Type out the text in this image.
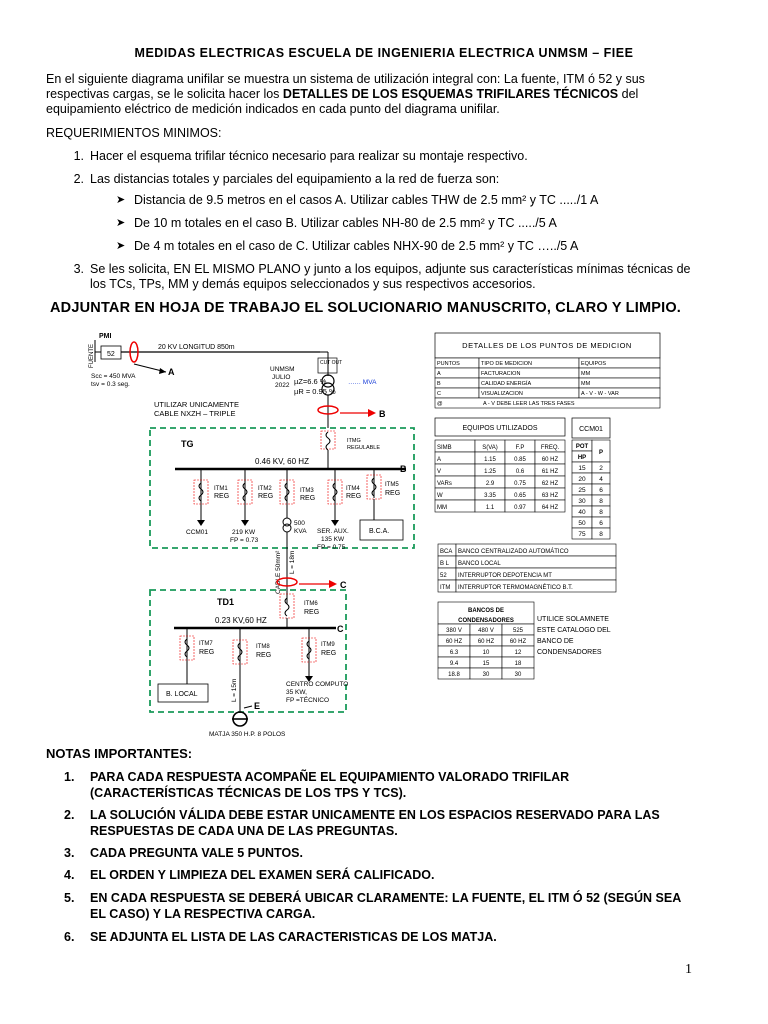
MEDIDAS ELECTRICAS ESCUELA DE INGENIERIA ELECTRICA UNMSM – FIEE
En el siguiente diagrama unifilar se muestra un sistema de utilización integral con: La fuente, ITM ó 52 y sus
respectivas cargas, se le solicita hacer los DETALLES DE LOS ESQUEMAS TRIFILARES TÉCNICOS del
equipamiento eléctrico de medición indicados en cada punto del diagrama unifilar.
REQUERIMIENTOS MINIMOS:
1. Hacer el esquema trifilar técnico necesario para realizar su montaje respectivo.
2. Las distancias totales y parciales del equipamiento a la red de fuerza son:
➤ Distancia de 9.5 metros en el casos A. Utilizar cables THW de 2.5 mm² y TC ...../1 A
➤ De 10 m totales en el caso B. Utilizar cables NH-80 de 2.5 mm² y TC ...../5 A
➤ De 4 m totales en el caso de C. Utilizar cables NHX-90 de 2.5 mm² y TC …../5 A
3. Se les solicita, EN EL MISMO PLANO y junto a los equipos, adjunte sus características mínimas técnicas de
los TCs, TPs, MM y demás equipos seleccionados y sus respectivos accesorios.
ADJUNTAR EN HOJA DE TRABAJO EL SOLUCIONARIO MANUSCRITO, CLARO Y LIMPIO.
PMI
FUENTE 52
A
20 KV LONGITUD 850m
Scc = 450 MVA
tsv = 0.3 seg.
CUT OUT
UNMSM
JULIO
2022 µZ=6.6 %
µR = 0.95 %
…… MVA
B
UTILIZAR UNICAMENTE
CABLE NXZH – TRIPLE
TG	ITMG
REGULABLE
0.46 KV, 60 HZ
B
ITM1
REG
ITM2
REG
ITM3
REG
ITM4
REG
ITM5
REG
500
KVA
CCM01	219 KW
FP = 0.73
SER. AUX.
135 KW
FP = 0.75
B.C.A.
CABLE 50mm² L = 18m
C
TD1	ITM6
REG
0.23 KV,60 HZ
C
ITM7
REG
ITM8
REG
ITM9
REG
B. LOCAL	L = 15m
E
CENTRO COMPUTO
35 KW,
FP =TÉCNICO
MATJA 350 H.P. 8 POLOS
DETALLES DE LOS PUNTOS DE MEDICION
PUNTOS	TIPO DE MEDICION	EQUIPOS
A	FACTURACION	MM
B	CALIDAD ENERGÍA	MM
C	VISUALIZACION	A - V - W - VAR
A - V DEBE LEER LAS TRES FASES
@
EQUIPOS UTILIZADOS
SIMB	S(VA)	F.P	FREQ.
A	1.15	0.85	60 HZ
V	1.25	0.6	61 HZ
VARs	2.9	0.75	62 HZ
W	3.35	0.65	63 HZ
MM	1.1	0.97	64 HZ
CCM01
POT
HP
P
15 2
20 4
25 6
30 8
40 8
50 6
75 8
BCA BANCO CENTRALIZADO AUTOMÁTICO
B L BANCO LOCAL
52 INTERRUPTOR DEPOTENCIA MT
ITM INTERRUPTOR TERMOMAGNÉTICO B.T.
CONDENSADORES
380 V	480 V	525
60 HZ	60 HZ	60 HZ
6.3	10	12
9.4	15	18
18.8	30	30
BANCOS DE
UTILICE SOLAMNETE
ESTE CATALOGO DEL
BANCO DE
CONDENSADORES
NOTAS IMPORTANTES:
1. PARA CADA RESPUESTA ACOMPAÑE EL EQUIPAMIENTO VALORADO TRIFILAR
(CARACTERÍSTICAS TÉCNICAS DE LOS TPS Y TCS).
2. LA SOLUCIÓN VÁLIDA DEBE ESTAR UNICAMENTE EN LOS ESPACIOS RESERVADO PARA LAS
RESPUESTAS DE CADA UNA DE LAS PREGUNTAS.
3. CADA PREGUNTA VALE 5 PUNTOS.
4. EL ORDEN Y LIMPIEZA DEL EXAMEN SERÁ CALIFICADO.
5. EN CADA RESPUESTA SE DEBERÁ UBICAR CLARAMENTE: LA FUENTE, EL ITM Ó 52 (SEGÚN SEA
EL CASO) Y LA RESPECTIVA CARGA.
6. SE ADJUNTA EL LISTA DE LAS CARACTERISTICAS DE LOS MATJA.
1
